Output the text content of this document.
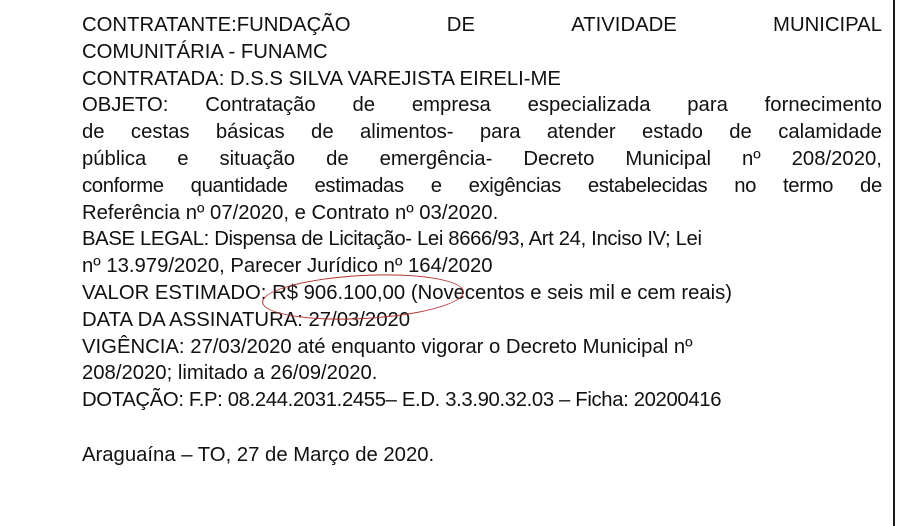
CONTRATANTE:FUNDAÇÃO	DE	ATIVIDADE	MUNICIPAL
COMUNITÁRIA - FUNAMC
CONTRATADA: D.S.S SILVA VAREJISTA EIRELI-ME
OBJETO: Contratação de empresa especializada para fornecimento
de cestas básicas de alimentos- para atender estado de calamidade
pública e situação de emergência- Decreto Municipal nº 208/2020,
conforme quantidade estimadas e exigências estabelecidas no termo de
Referência nº 07/2020, e Contrato nº 03/2020.
BASE LEGAL: Dispensa de Licitação- Lei 8666/93, Art 24, Inciso IV; Lei
nº 13.979/2020, Parecer Jurídico nº 164/2020
VALOR ESTIMADO: R$ 906.100,00 (Novecentos e seis mil e cem reais)
DATA DA ASSINATURA: 27/03/2020
VIGÊNCIA: 27/03/2020 até enquanto vigorar o Decreto Municipal nº
208/2020; limitado a 26/09/2020.
DOTAÇÃO: F.P: 08.244.2031.2455– E.D. 3.3.90.32.03 – Ficha: 20200416
Araguaína – TO, 27 de Março de 2020.
